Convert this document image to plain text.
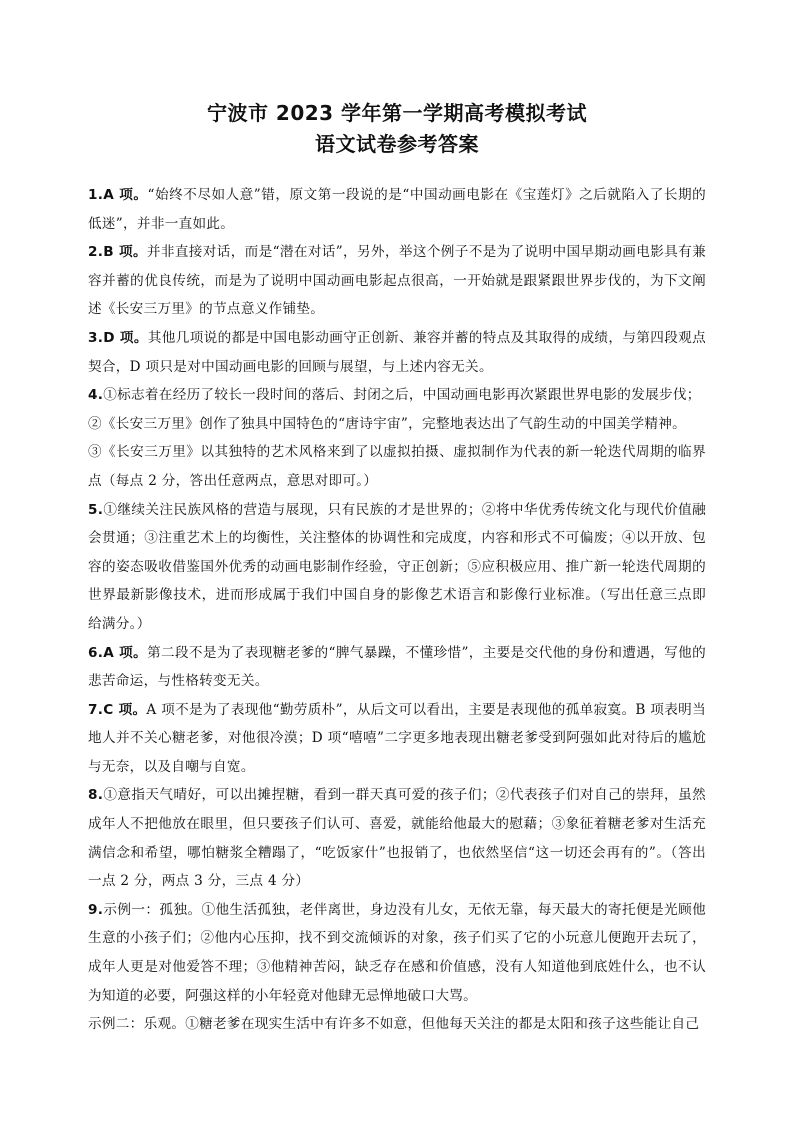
宁波市 2023 学年第一学期高考模拟考试
语文试卷参考答案

1.A 项。“始终不尽如人意”错，原文第一段说的是“中国动画电影在《宝莲灯》之后就陷入了长期的低迷”，并非一直如此。

2.B 项。并非直接对话，而是“潜在对话”，另外，举这个例子不是为了说明中国早期动画电影具有兼容并蓄的优良传统，而是为了说明中国动画电影起点很高，一开始就是跟紧跟世界步伐的，为下文阐述《长安三万里》的节点意义作铺垫。

3.D 项。其他几项说的都是中国电影动画守正创新、兼容并蓄的特点及其取得的成绩，与第四段观点契合，D 项只是对中国动画电影的回顾与展望，与上述内容无关。

4.①标志着在经历了较长一段时间的落后、封闭之后，中国动画电影再次紧跟世界电影的发展步伐；

②《长安三万里》创作了独具中国特色的“唐诗宇宙”，完整地表达出了气韵生动的中国美学精神。

③《长安三万里》以其独特的艺术风格来到了以虚拟拍摄、虚拟制作为代表的新一轮迭代周期的临界点（每点 2 分，答出任意两点，意思对即可。）

5.①继续关注民族风格的营造与展现，只有民族的才是世界的；②将中华优秀传统文化与现代价值融会贯通；③注重艺术上的均衡性，关注整体的协调性和完成度，内容和形式不可偏废；④以开放、包容的姿态吸收借鉴国外优秀的动画电影制作经验，守正创新；⑤应积极应用、推广新一轮迭代周期的世界最新影像技术，进而形成属于我们中国自身的影像艺术语言和影像行业标准。（写出任意三点即给满分。）

6.A 项。第二段不是为了表现糖老爹的“脾气暴躁，不懂珍惜”，主要是交代他的身份和遭遇，写他的悲苦命运，与性格转变无关。

7.C 项。A 项不是为了表现他“勤劳质朴”，从后文可以看出，主要是表现他的孤单寂寞。B 项表明当地人并不关心糖老爹，对他很冷漠；D 项“嘻嘻”二字更多地表现出糖老爹受到阿强如此对待后的尴尬与无奈，以及自嘲与自宽。

8.①意指天气晴好，可以出摊捏糖，看到一群天真可爱的孩子们；②代表孩子们对自己的崇拜，虽然成年人不把他放在眼里，但只要孩子们认可、喜爱，就能给他最大的慰藉；③象征着糖老爹对生活充满信念和希望，哪怕糖浆全糟蹋了，“吃饭家什”也报销了，也依然坚信“这一切还会再有的”。（答出一点 2 分，两点 3 分，三点 4 分）

9.示例一：孤独。①他生活孤独，老伴离世，身边没有儿女，无依无靠，每天最大的寄托便是光顾他生意的小孩子们；②他内心压抑，找不到交流倾诉的对象，孩子们买了它的小玩意儿便跑开去玩了，成年人更是对他爱答不理；③他精神苦闷，缺乏存在感和价值感，没有人知道他到底姓什么，也不认为知道的必要，阿强这样的小年轻竟对他肆无忌惮地破口大骂。

示例二：乐观。①糖老爹在现实生活中有许多不如意，但他每天关注的都是太阳和孩子这些能让自己
